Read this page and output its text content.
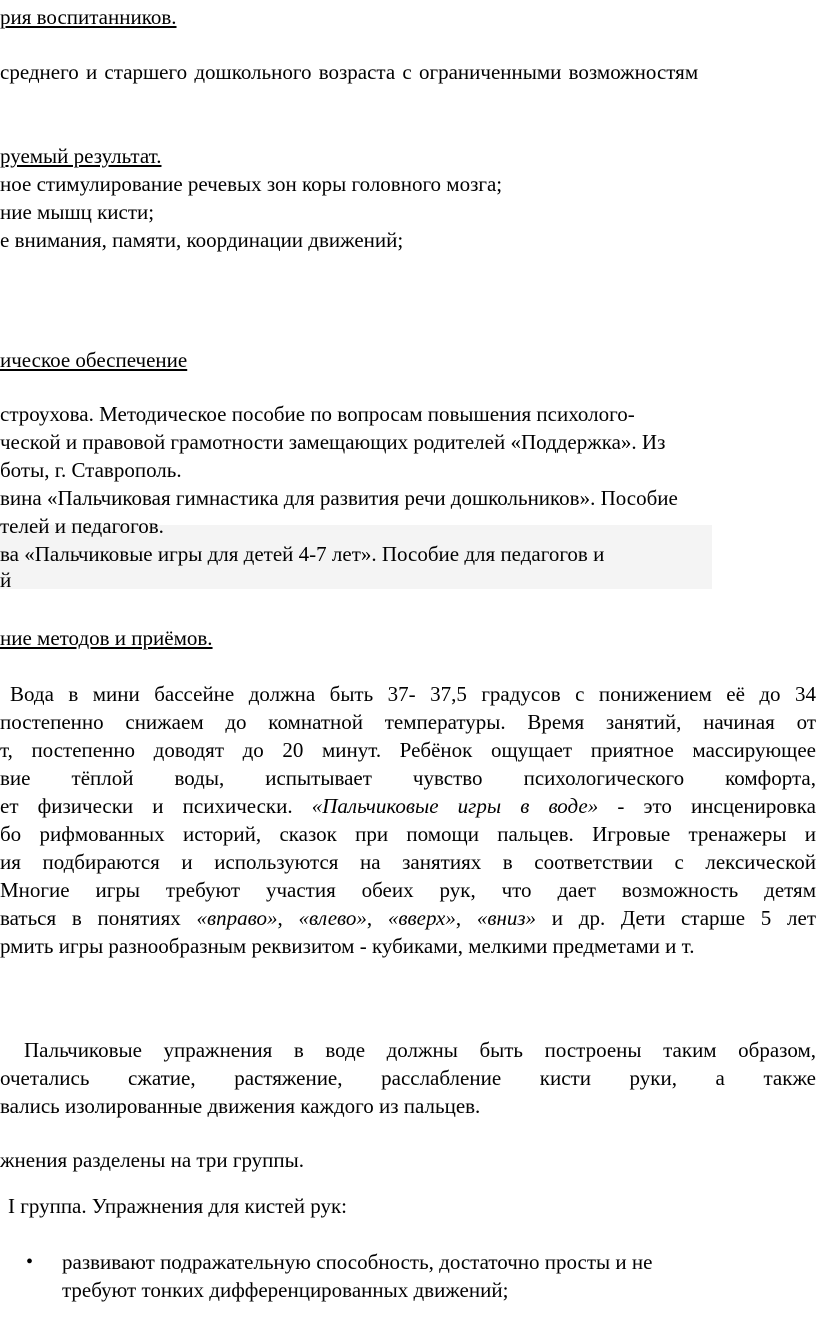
рия воспитанников.

среднего и старшего дошкольного возраста с ограниченными возможностям

руемый результат.

ное стимулирование речевых зон коры головного мозга;

ние мышц кисти;

е внимания, памяти, координации движений;

ическое обеспечение

строухова. Методическое пособие по вопросам повышения психолого-

ческой и правовой грамотности замещающих родителей «Поддержка». Из

боты, г. Ставрополь.

вина «Пальчиковая гимнастика для развития речи дошкольников». Пособие

телей и педагогов.

ва «Пальчиковые игры для детей 4-7 лет». Пособие для педагогов и

й

ние методов и приёмов.

Вода в мини бассейне должна быть 37- 37,5 градусов с понижением её до 34

постепенно снижаем до комнатной температуры. Время занятий, начиная от

т, постепенно доводят до 20 минут. Ребёнок ощущает приятное массирующее

вие тёплой воды, испытывает чувство психологического комфорта,

ет физически и психически. «Пальчиковые игры в воде» - это инсценировка

бо рифмованных историй, сказок при помощи пальцев. Игровые тренажеры и

ия подбираются и используются на занятиях в соответствии с лексической

Многие игры требуют участия обеих рук, что дает возможность детям

ваться в понятиях «вправо», «влево», «вверх», «вниз» и др. Дети старше 5 лет

рмить игры разнообразным реквизитом - кубиками, мелкими предметами и т.

Пальчиковые упражнения в воде должны быть построены таким образом,

очетались сжатие, растяжение, расслабление кисти руки, а также

вались изолированные движения каждого из пальцев.

жнения разделены на три группы.

I группа. Упражнения для кистей рук:

• развивают подражательную способность, достаточно просты и не

требуют тонких дифференцированных движений;
